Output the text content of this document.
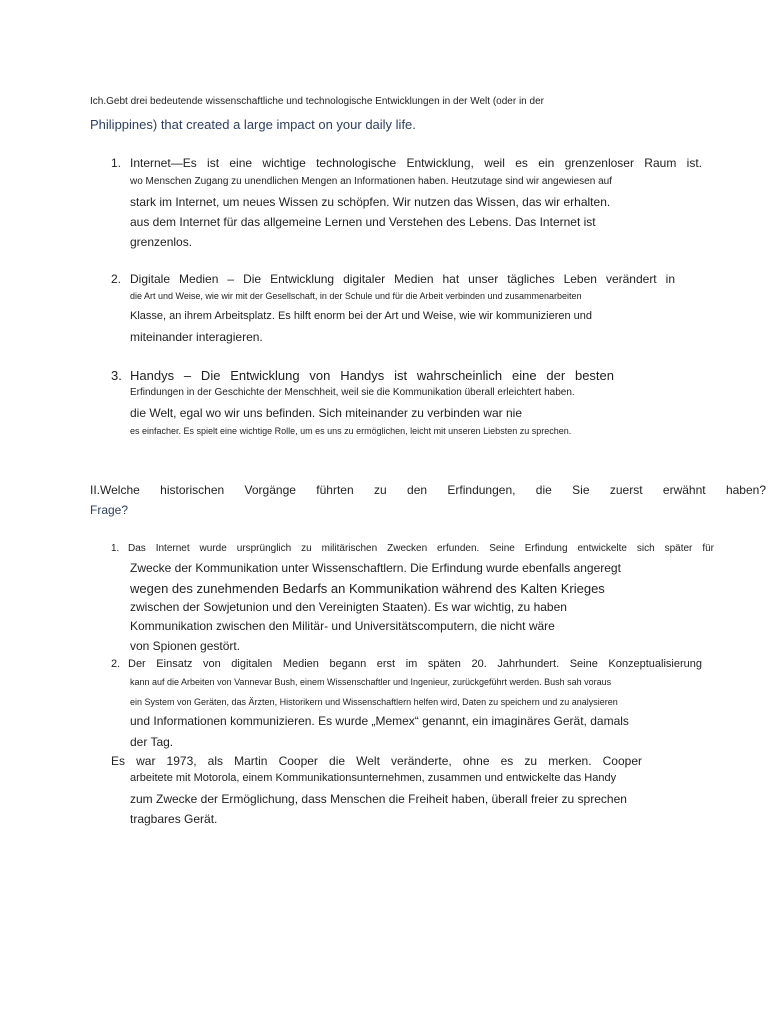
Ich.Gebt drei bedeutende wissenschaftliche und technologische Entwicklungen in der Welt (oder in der
Philippines) that created a large impact on your daily life.
1. Internet—Es ist eine wichtige technologische Entwicklung, weil es ein grenzenloser Raum ist.
wo Menschen Zugang zu unendlichen Mengen an Informationen haben. Heutzutage sind wir angewiesen auf
stark im Internet, um neues Wissen zu schöpfen. Wir nutzen das Wissen, das wir erhalten.
aus dem Internet für das allgemeine Lernen und Verstehen des Lebens. Das Internet ist
grenzenlos.
2. Digitale Medien – Die Entwicklung digitaler Medien hat unser tägliches Leben verändert in
die Art und Weise, wie wir mit der Gesellschaft, in der Schule und für die Arbeit verbinden und zusammenarbeiten
Klasse, an ihrem Arbeitsplatz. Es hilft enorm bei der Art und Weise, wie wir kommunizieren und
miteinander interagieren.
3. Handys – Die Entwicklung von Handys ist wahrscheinlich eine der besten
Erfindungen in der Geschichte der Menschheit, weil sie die Kommunikation überall erleichtert haben.
die Welt, egal wo wir uns befinden. Sich miteinander zu verbinden war nie
es einfacher. Es spielt eine wichtige Rolle, um es uns zu ermöglichen, leicht mit unseren Liebsten zu sprechen.
II.Welche historischen Vorgänge führten zu den Erfindungen, die Sie zuerst erwähnt haben?
Frage?
1. Das Internet wurde ursprünglich zu militärischen Zwecken erfunden. Seine Erfindung entwickelte sich später für
Zwecke der Kommunikation unter Wissenschaftlern. Die Erfindung wurde ebenfalls angeregt
wegen des zunehmenden Bedarfs an Kommunikation während des Kalten Krieges
zwischen der Sowjetunion und den Vereinigten Staaten). Es war wichtig, zu haben
Kommunikation zwischen den Militär- und Universitätscomputern, die nicht wäre
von Spionen gestört.
2. Der Einsatz von digitalen Medien begann erst im späten 20. Jahrhundert. Seine Konzeptualisierung
kann auf die Arbeiten von Vannevar Bush, einem Wissenschaftler und Ingenieur, zurückgeführt werden. Bush sah voraus
ein System von Geräten, das Ärzten, Historikern und Wissenschaftlern helfen wird, Daten zu speichern und zu analysieren
und Informationen kommunizieren. Es wurde „Memex“ genannt, ein imaginäres Gerät, damals
der Tag.
Es war 1973, als Martin Cooper die Welt veränderte, ohne es zu merken. Cooper
arbeitete mit Motorola, einem Kommunikationsunternehmen, zusammen und entwickelte das Handy
zum Zwecke der Ermöglichung, dass Menschen die Freiheit haben, überall freier zu sprechen
tragbares Gerät.
